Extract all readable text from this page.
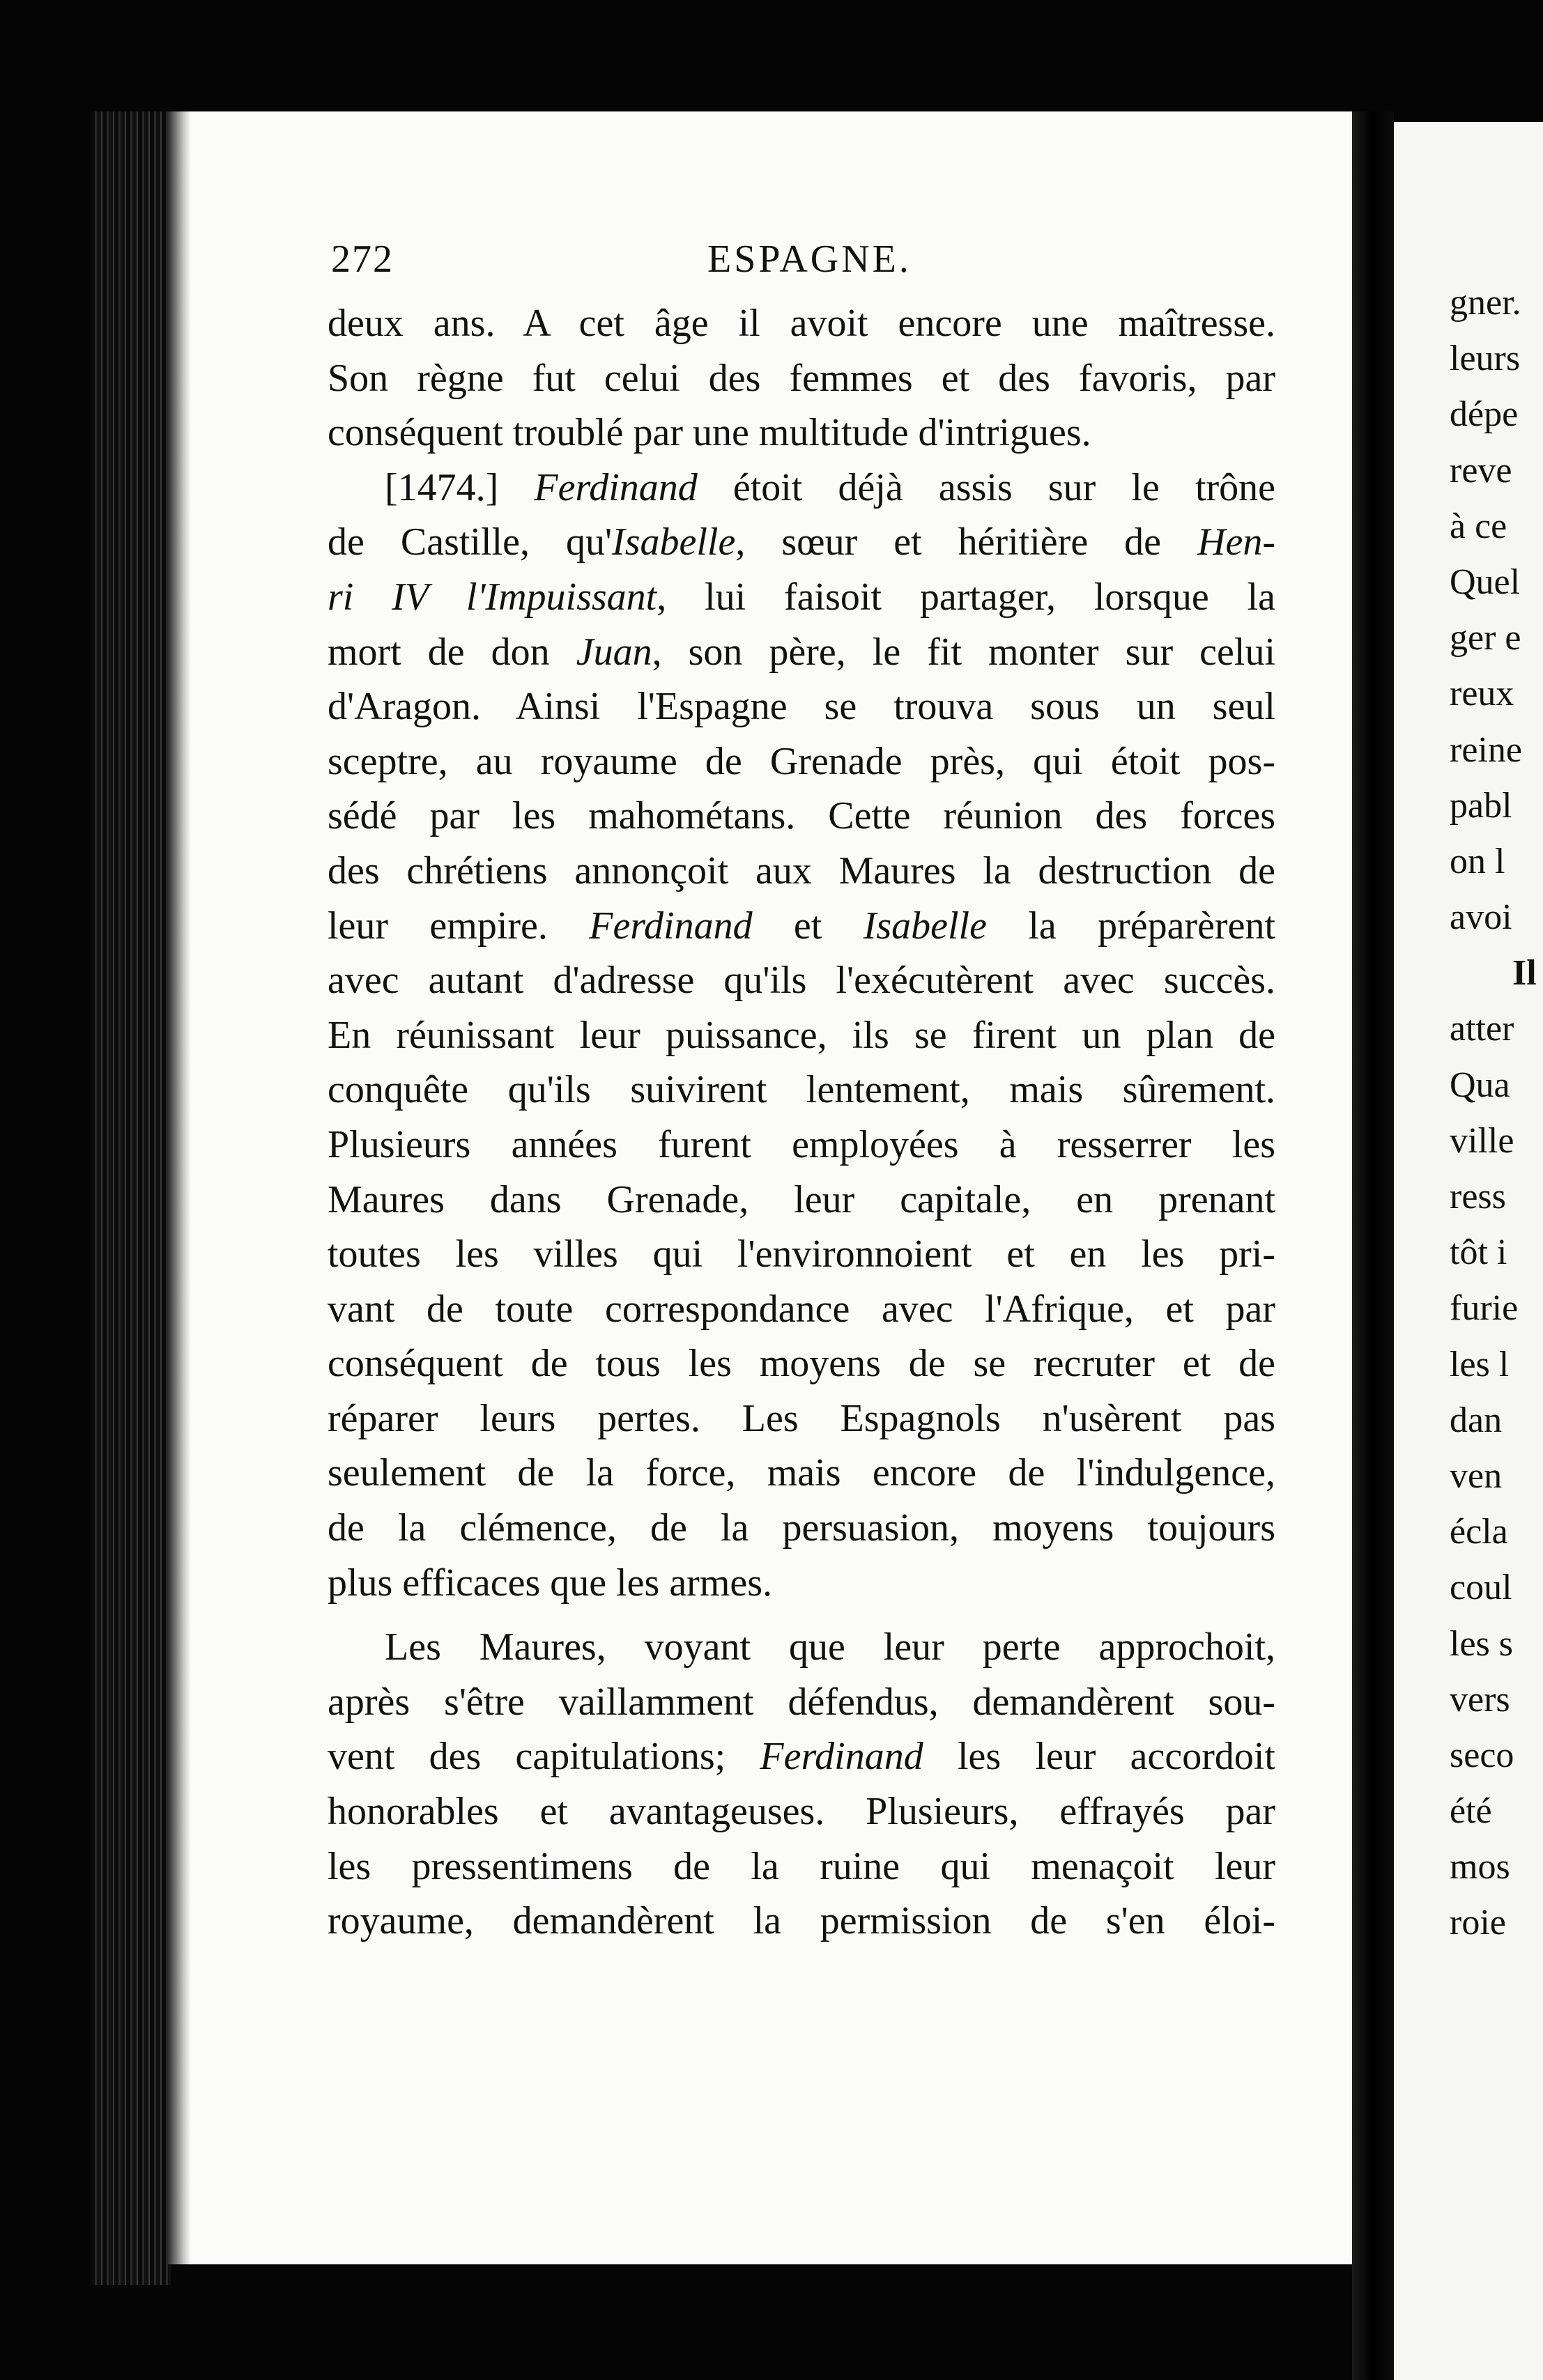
272	ESPAGNE.
deux ans. A cet âge il avoit encore une maîtresse.
Son règne fut celui des femmes et des favoris, par
conséquent troublé par une multitude d'intrigues.
[1474.] Ferdinand étoit déjà assis sur le trône
de Castille, qu'Isabelle, sœur et héritière de Hen-
ri IV l'Impuissant, lui faisoit partager, lorsque la
mort de don Juan, son père, le fit monter sur celui
d'Aragon. Ainsi l'Espagne se trouva sous un seul
sceptre, au royaume de Grenade près, qui étoit pos-
sédé par les mahométans. Cette réunion des forces
des chrétiens annonçoit aux Maures la destruction de
leur empire. Ferdinand et Isabelle la préparèrent
avec autant d'adresse qu'ils l'exécutèrent avec succès.
En réunissant leur puissance, ils se firent un plan de
conquête qu'ils suivirent lentement, mais sûrement.
Plusieurs années furent employées à resserrer les
Maures dans Grenade, leur capitale, en prenant
toutes les villes qui l'environnoient et en les pri-
vant de toute correspondance avec l'Afrique, et par
conséquent de tous les moyens de se recruter et de
réparer leurs pertes. Les Espagnols n'usèrent pas
seulement de la force, mais encore de l'indulgence,
de la clémence, de la persuasion, moyens toujours
plus efficaces que les armes.
Les Maures, voyant que leur perte approchoit,
après s'être vaillamment défendus, demandèrent sou-
vent des capitulations; Ferdinand les leur accordoit
honorables et avantageuses. Plusieurs, effrayés par
les pressentimens de la ruine qui menaçoit leur
royaume, demandèrent la permission de s'en éloi-
gner.
leurs
dépe
reve
à ce
Quel
ger e
reux
reine
pabl
on l
avoi
Il
atter
Qua
ville
ress
tôt i
furie
les l
dan
ven
écla
coul
les s
vers
seco
été
mos
roie
